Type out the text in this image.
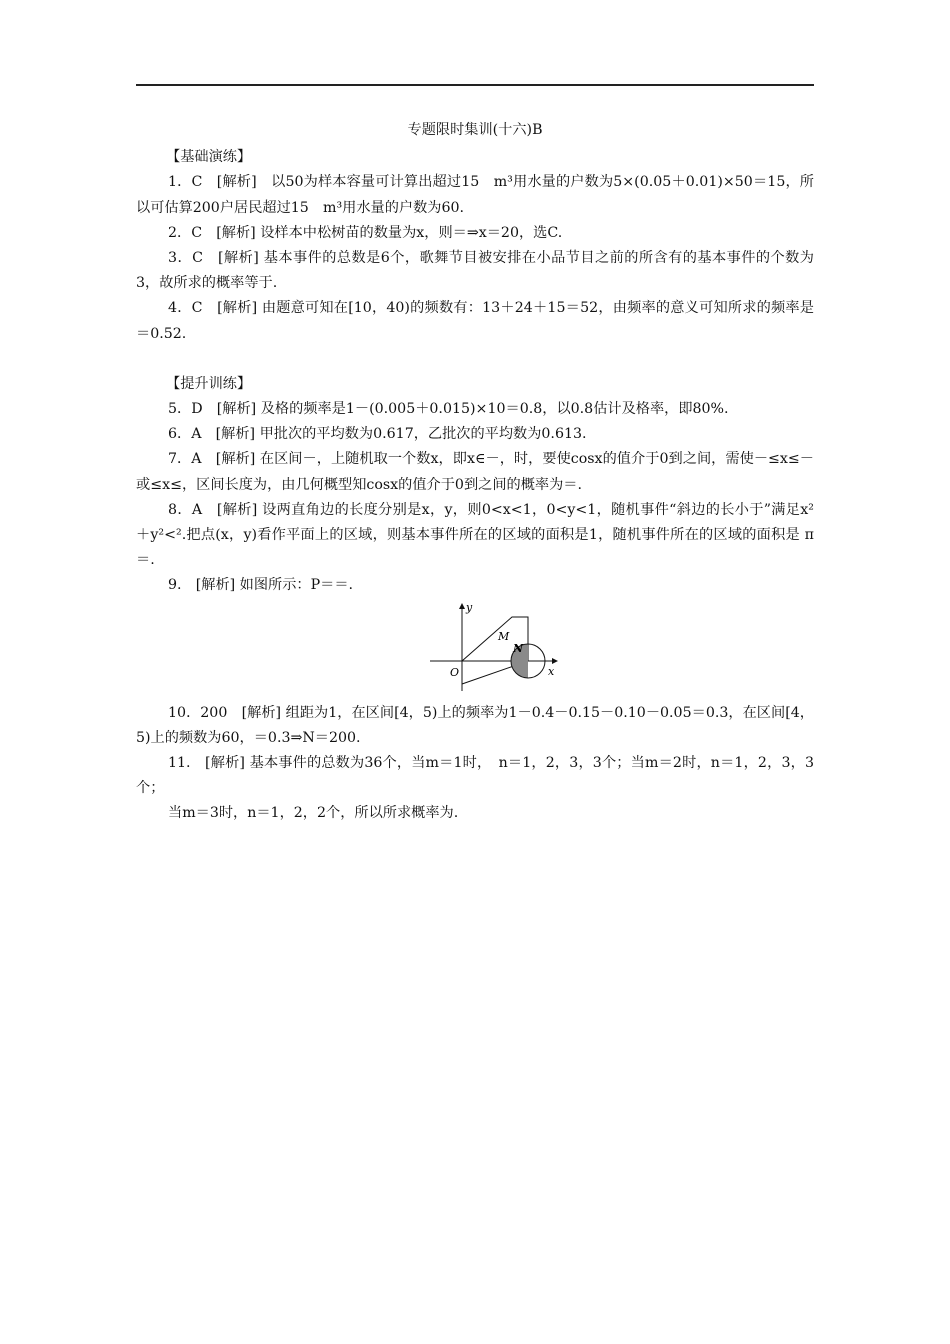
专题限时集训(十六)B
【基础演练】

1．C　[解析]　以50为样本容量可计算出超过15　m³用水量的户数为5×(0.05＋0.01)×50＝15，所以可估算200户居民超过15　m³用水量的户数为60.

2．C　[解析] 设样本中松树苗的数量为x，则＝⇒x＝20，选C.

3．C　[解析] 基本事件的总数是6个，歌舞节目被安排在小品节目之前的所含有的基本事件的个数为3，故所求的概率等于.

4．C　[解析] 由题意可知在[10，40)的频数有：13＋24＋15＝52，由频率的意义可知所求的频率是＝0.52.

【提升训练】

5．D　[解析] 及格的频率是1－(0.005＋0.015)×10＝0.8，以0.8估计及格率，即80%.

6．A　[解析] 甲批次的平均数为0.617，乙批次的平均数为0.613.

7．A　[解析] 在区间－，上随机取一个数x，即x∈－，时，要使cosx的值介于0到之间，需使－≤x≤－或≤x≤，区间长度为，由几何概型知cosx的值介于0到之间的概率为＝.

8．A　[解析] 设两直角边的长度分别是x，y，则0<x<1，0<y<1，随机事件“斜边的长小于”满足x²＋y²<².把点(x，y)看作平面上的区域，则基本事件所在的区域的面积是1，随机事件所在的区域的面积是 π＝.

9.　[解析] 如图所示：P＝＝.

y
x
O
M
N

10．200　[解析] 组距为1，在区间[4，5)上的频率为1－0.4－0.15－0.10－0.05＝0.3，在区间[4，5)上的频数为60，＝0.3⇒N＝200.

11.　[解析] 基本事件的总数为36个，当m＝1时，　n＝1，2，3，3个；当m＝2时，n＝1，2，3，3　个；

当m＝3时，n＝1，2，2个，所以所求概率为.
